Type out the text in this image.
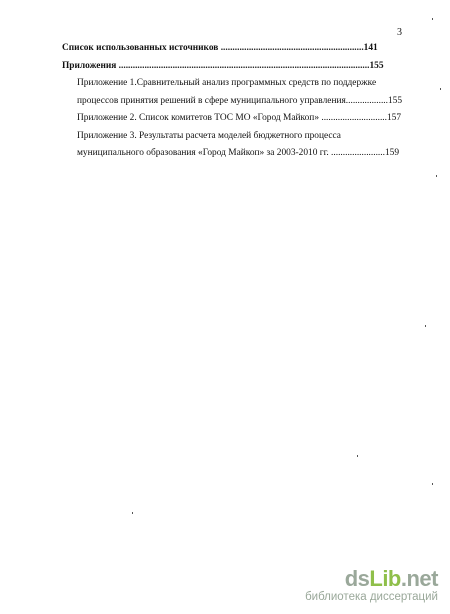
3
Список использованных источников .............................................................141
Приложения ...........................................................................................................155
Приложение 1.Сравнительный анализ программных средств по поддержке
процессов принятия решений в сфере муниципального управления..................155
Приложение 2. Список комитетов ТОС МО «Город Майкоп» ............................157
Приложение 3. Результаты расчета моделей бюджетного процесса
муниципального образования «Город Майкоп» за 2003-2010 гг. .......................159
dsLib.net
библиотека диссертаций
